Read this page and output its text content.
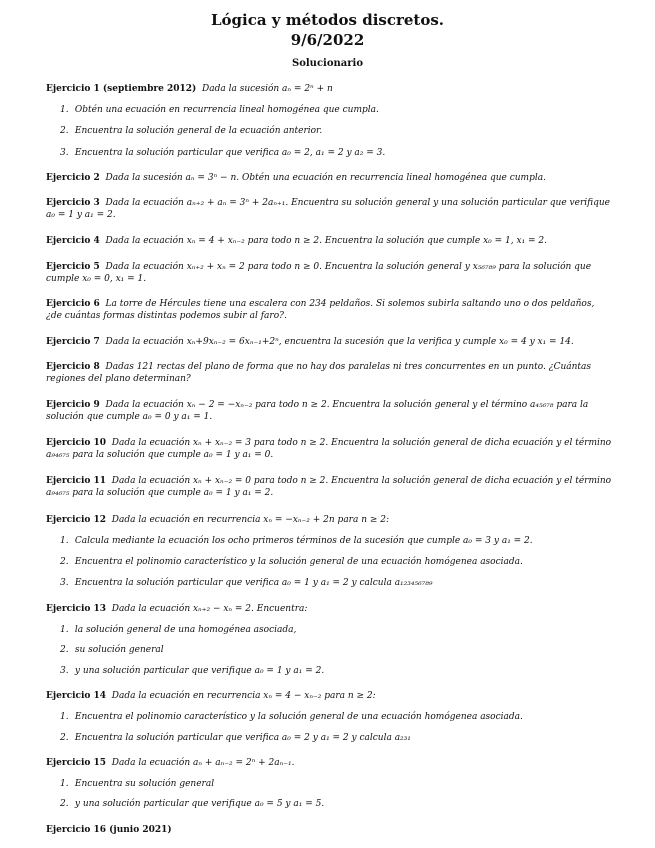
Lógica y métodos discretos.
9/6/2022
Solucionario
Ejercicio 1 (septiembre 2012) Dada la sucesión aₙ = 2ⁿ + n
1. Obtén una ecuación en recurrencia lineal homogénea que cumpla.
2. Encuentra la solución general de la ecuación anterior.
3. Encuentra la solución particular que verifica a₀ = 2, a₁ = 2 y a₂ = 3.
Ejercicio 2 Dada la sucesión aₙ = 3ⁿ − n. Obtén una ecuación en recurrencia lineal homogénea que cumpla.
Ejercicio 3 Dada la ecuación aₙ₊₂ + aₙ = 3ⁿ + 2aₙ₊₁. Encuentra su solución general y una solución particular que verifique a₀ = 1 y a₁ = 2.
Ejercicio 4 Dada la ecuación xₙ = 4 + xₙ₋₂ para todo n ≥ 2. Encuentra la solución que cumple x₀ = 1, x₁ = 2.
Ejercicio 5 Dada la ecuación xₙ₊₂ + xₙ = 2 para todo n ≥ 0. Encuentra la solución general y x₅₆₇₈₉ para la solución que cumple x₀ = 0, x₁ = 1.
Ejercicio 6 La torre de Hércules tiene una escalera con 234 peldaños. Si solemos subirla saltando uno o dos peldaños, ¿de cuántas formas distintas podemos subir al faro?.
Ejercicio 7 Dada la ecuación xₙ+9xₙ₋₂ = 6xₙ₋₁+2ⁿ, encuentra la sucesión que la verifica y cumple x₀ = 4 y x₁ = 14.
Ejercicio 8 Dadas 121 rectas del plano de forma que no hay dos paralelas ni tres concurrentes en un punto. ¿Cuántas regiones del plano determinan?
Ejercicio 9 Dada la ecuación xₙ − 2 = −xₙ₋₂ para todo n ≥ 2. Encuentra la solución general y el término a₄₅₆₇₈ para la solución que cumple a₀ = 0 y a₁ = 1.
Ejercicio 10 Dada la ecuación xₙ + xₙ₋₂ = 3 para todo n ≥ 2. Encuentra la solución general de dicha ecuación y el término a₉₄₆₇₅ para la solución que cumple a₀ = 1 y a₁ = 0.
Ejercicio 11 Dada la ecuación xₙ + xₙ₋₂ = 0 para todo n ≥ 2. Encuentra la solución general de dicha ecuación y el término a₉₄₆₇₅ para la solución que cumple a₀ = 1 y a₁ = 2.
Ejercicio 12 Dada la ecuación en recurrencia xₙ = −xₙ₋₂ + 2n para n ≥ 2:
1. Calcula mediante la ecuación los ocho primeros términos de la sucesión que cumple a₀ = 3 y a₁ = 2.
2. Encuentra el polinomio característico y la solución general de una ecuación homógenea asociada.
3. Encuentra la solución particular que verifica a₀ = 1 y a₁ = 2 y calcula a₁₂₃₄₅₆₇₈₉
Ejercicio 13 Dada la ecuación xₙ₊₂ − xₙ = 2. Encuentra:
1. la solución general de una homogénea asociada,
2. su solución general
3. y una solución particular que verifique a₀ = 1 y a₁ = 2.
Ejercicio 14 Dada la ecuación en recurrencia xₙ = 4 − xₙ₋₂ para n ≥ 2:
1. Encuentra el polinomio característico y la solución general de una ecuación homógenea asociada.
2. Encuentra la solución particular que verifica a₀ = 2 y a₁ = 2 y calcula a₂₃₁
Ejercicio 15 Dada la ecuación aₙ + aₙ₋₂ = 2ⁿ + 2aₙ₋₁.
1. Encuentra su solución general
2. y una solución particular que verifique a₀ = 5 y a₁ = 5.
Ejercicio 16 (junio 2021)
